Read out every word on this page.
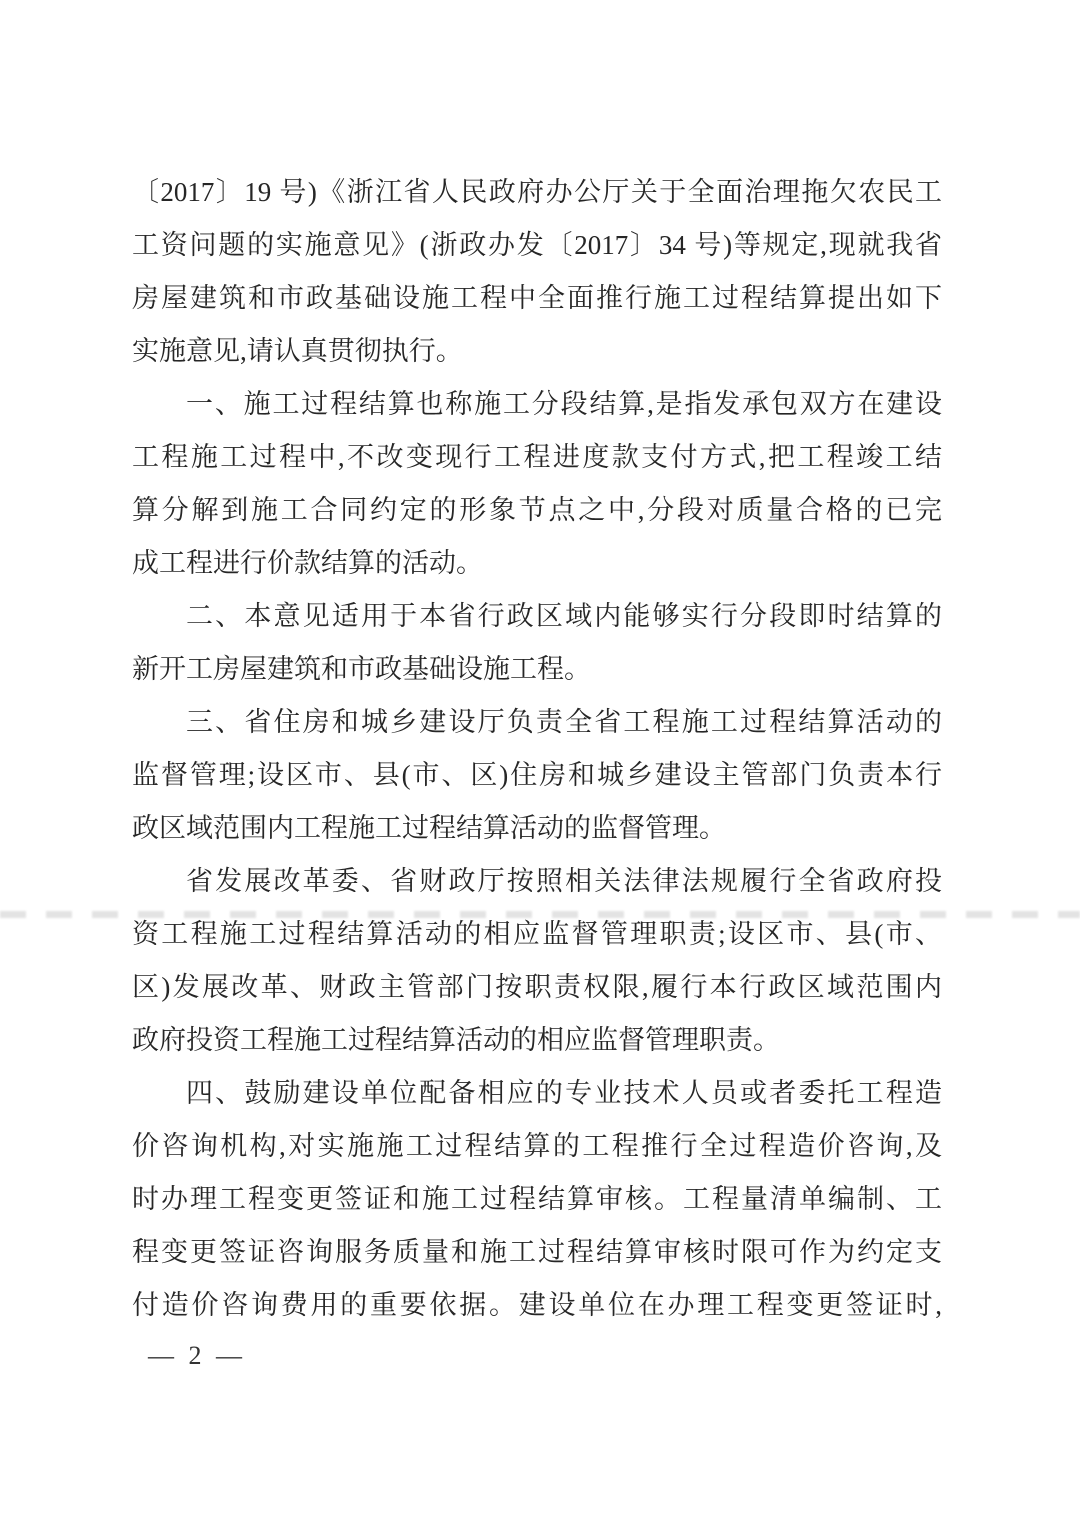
〔2017〕19 号)《浙江省人民政府办公厅关于全面治理拖欠农民工
工资问题的实施意见》(浙政办发〔2017〕34 号)等规定,现就我省
房屋建筑和市政基础设施工程中全面推行施工过程结算提出如下
实施意见,请认真贯彻执行。
一、施工过程结算也称施工分段结算,是指发承包双方在建设
工程施工过程中,不改变现行工程进度款支付方式,把工程竣工结
算分解到施工合同约定的形象节点之中,分段对质量合格的已完
成工程进行价款结算的活动。
二、本意见适用于本省行政区域内能够实行分段即时结算的
新开工房屋建筑和市政基础设施工程。
三、省住房和城乡建设厅负责全省工程施工过程结算活动的
监督管理;设区市、县(市、区)住房和城乡建设主管部门负责本行
政区域范围内工程施工过程结算活动的监督管理。
省发展改革委、省财政厅按照相关法律法规履行全省政府投
资工程施工过程结算活动的相应监督管理职责;设区市、县(市、
区)发展改革、财政主管部门按职责权限,履行本行政区域范围内
政府投资工程施工过程结算活动的相应监督管理职责。
四、鼓励建设单位配备相应的专业技术人员或者委托工程造
价咨询机构,对实施施工过程结算的工程推行全过程造价咨询,及
时办理工程变更签证和施工过程结算审核。工程量清单编制、工
程变更签证咨询服务质量和施工过程结算审核时限可作为约定支
付造价咨询费用的重要依据。建设单位在办理工程变更签证时,
— 2 —
